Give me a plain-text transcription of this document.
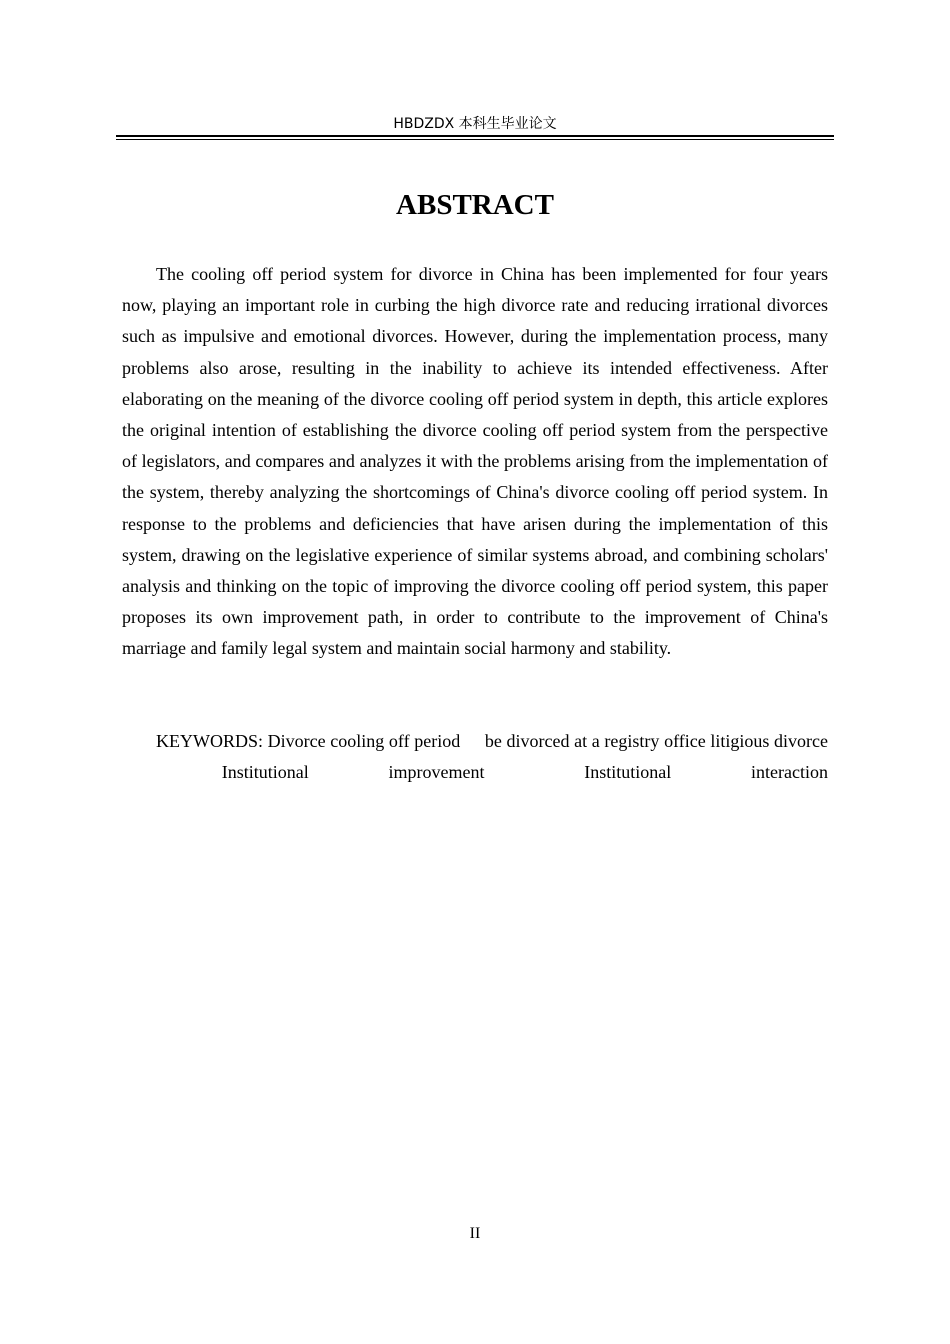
HBDZDX 本科生毕业论文
ABSTRACT

The cooling off period system for divorce in China has been implemented for four years now, playing an important role in curbing the high divorce rate and reducing irrational divorces such as impulsive and emotional divorces. However, during the implementation process, many problems also arose, resulting in the inability to achieve its intended effectiveness. After elaborating on the meaning of the divorce cooling off period system in depth, this article explores the original intention of establishing the divorce cooling off period system from the perspective of legislators, and compares and analyzes it with the problems arising from the implementation of the system, thereby analyzing the shortcomings of China's divorce cooling off period system. In response to the problems and deficiencies that have arisen during the implementation of this system, drawing on the legislative experience of similar systems abroad, and combining scholars' analysis and thinking on the topic of improving the divorce cooling off period system, this paper proposes its own improvement path, in order to contribute to the improvement of China's marriage and family legal system and maintain social harmony and stability.

KEYWORDS: Divorce cooling off period be divorced at a registry office litigious divorce Institutional improvement	Institutional interaction

II
